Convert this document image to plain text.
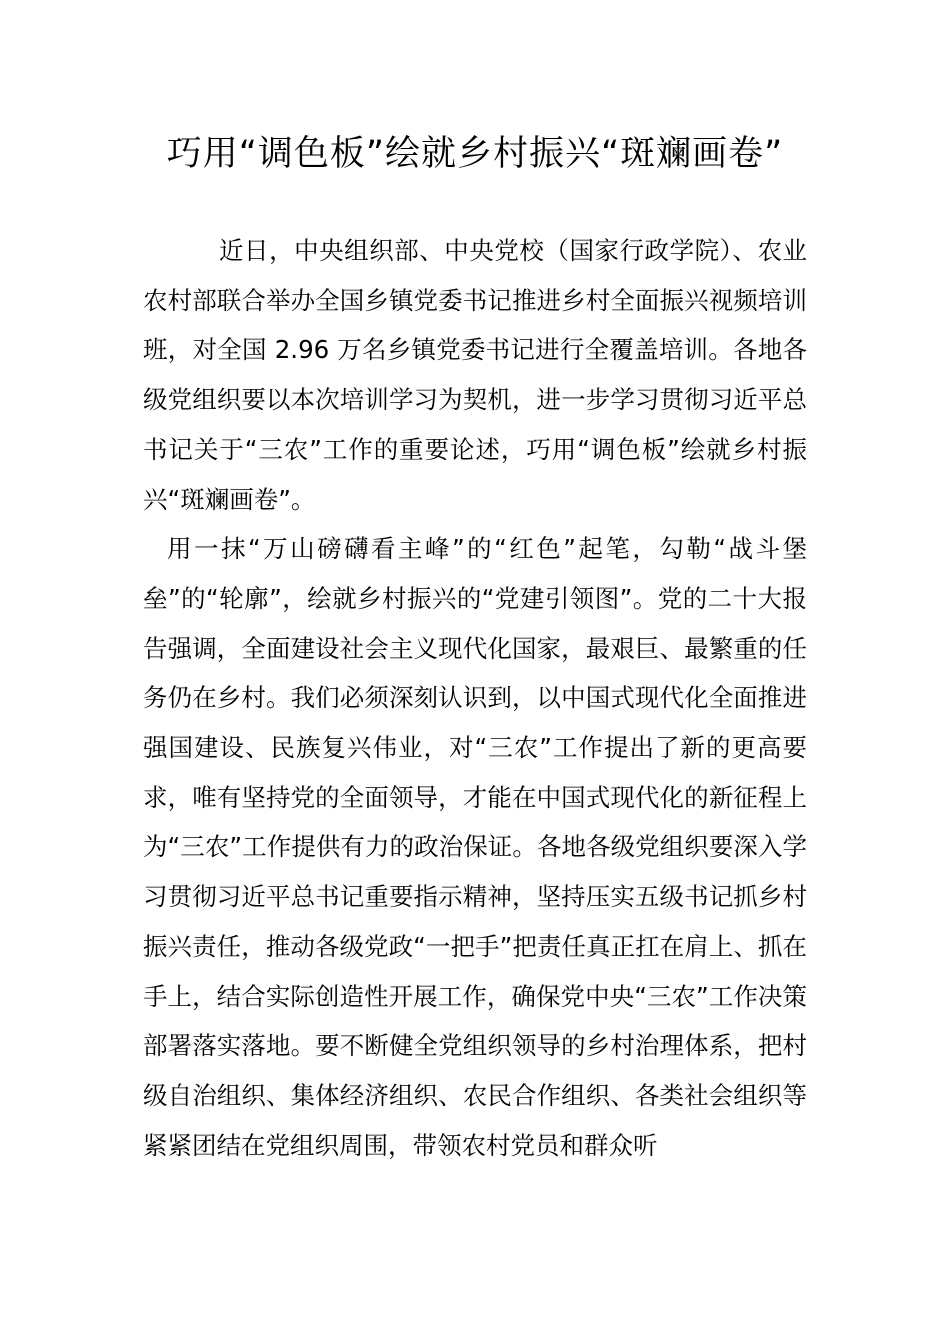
巧用“调色板”绘就乡村振兴“斑斓画卷”

近日，中央组织部、中央党校（国家行政学院）、农业农村部联合举办全国乡镇党委书记推进乡村全面振兴视频培训班，对全国 2.96 万名乡镇党委书记进行全覆盖培训。各地各级党组织要以本次培训学习为契机，进一步学习贯彻习近平总书记关于“三农”工作的重要论述，巧用“调色板”绘就乡村振兴“斑斓画卷”。

用一抹“万山磅礴看主峰”的“红色”起笔，勾勒“战斗堡垒”的“轮廓”，绘就乡村振兴的“党建引领图”。党的二十大报告强调，全面建设社会主义现代化国家，最艰巨、最繁重的任务仍在乡村。我们必须深刻认识到，以中国式现代化全面推进强国建设、民族复兴伟业，对“三农”工作提出了新的更高要求，唯有坚持党的全面领导，才能在中国式现代化的新征程上为“三农”工作提供有力的政治保证。各地各级党组织要深入学习贯彻习近平总书记重要指示精神，坚持压实五级书记抓乡村振兴责任，推动各级党政“一把手”把责任真正扛在肩上、抓在手上，结合实际创造性开展工作，确保党中央“三农”工作决策部署落实落地。要不断健全党组织领导的乡村治理体系，把村级自治组织、集体经济组织、农民合作组织、各类社会组织等紧紧团结在党组织周围，带领农村党员和群众听
